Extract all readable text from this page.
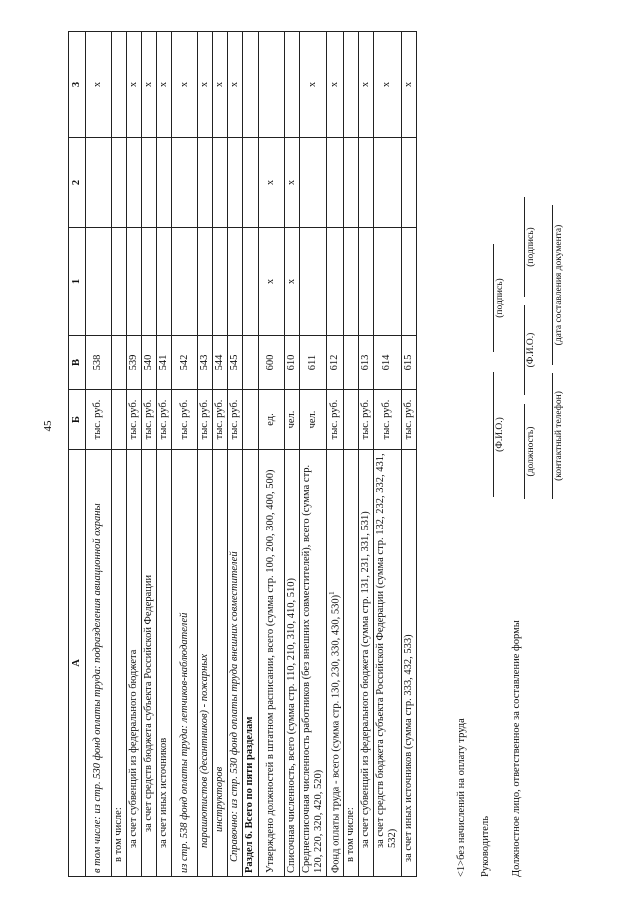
45
А	Б	В	1	2	3
в том числе: из стр. 530 фонд оплаты труда: подразделения авиационной охраны	тыс. руб.	538			x
в том числе:					
за счет субвенций из федерального бюджета	тыс. руб.	539			x
за счет средств бюджета субъекта Российской Федерации	тыс. руб.	540			x
за счет иных источников	тыс. руб.	541			x
из стр. 538 фонд оплаты труда: летчиков-наблюдателей	тыс. руб.	542			x
парашютистов (десантников) - пожарных	тыс. руб.	543			x
инструкторов	тыс. руб.	544			x
Справочно: из стр. 530 фонд оплаты труда внешних совместителей	тыс. руб.	545			x
Раздел 6. Всего по пяти разделам					
Утверждено должностей в штатном расписании, всего (сумма стр. 100, 200, 300, 400, 500)	ед.	600	x	x	
Списочная численность, всего (сумма стр. 110, 210, 310, 410, 510)	чел.	610	x	x	
Среднесписочная численность работников (без внешних совместителей), всего (сумма стр. 120, 220, 320, 420, 520)	чел.	611			x
Фонд оплаты труда - всего (сумма стр. 130, 230, 330, 430, 530)$^1$	тыс. руб.	612			x
в том числе:					
за счет субвенций из федерального бюджета (сумма стр. 131, 231, 331, 531)	тыс. руб.	613			x
за счет средств бюджета субъекта Российской Федерации (сумма стр. 132, 232, 332, 431, 532)	тыс. руб.	614			x
за счет иных источников (сумма стр. 333, 432, 533)	тыс. руб.	615			x
<1>без начислений на оплату труда Руководитель
(Ф.И.О.)
(подпись)
Должностное лицо, ответственное за составление формы
(должность)
(Ф.И.О.)
(подпись)
(контактный телефон)
(дата составления документа)
